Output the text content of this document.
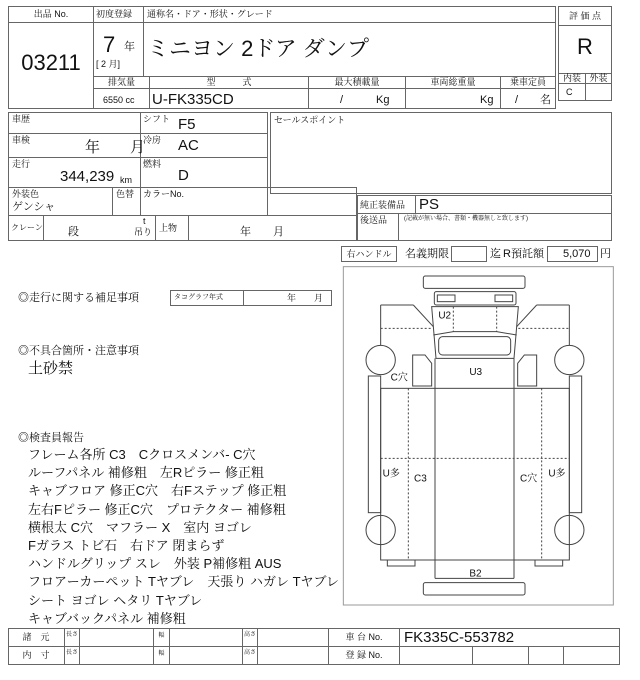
出品 No.
03211
初度登録
7 年
[ 2 月]
通称名・ドア・形状・グレード
ミニヨン 2ドア ダンプ
排気量	型　　　式	最大積載量	車両総重量	乗車定員
6550 cc U-FK335CD	/　　　Kg	Kg /　　名
評 価 点
R
内装 外装
C
車歴	シフト F5
車検	年　　月
冷房 AC
走行
344,239 km
燃料
D
外装色
ゲンシャ
色替 カラーNo.
クレーン 段
t
吊り 上物	年　　月
セールスポイント
純正装備品 PS
後送品	(記載が無い場合、書類・機器無しと致します)
右ハンドル	名義期限	迄 R預託額 5,070 円
◎走行に関する補足事項	タコグラフ年式	年　　月
◎不具合箇所・注意事項
土砂禁
◎検査員報告
フレーム各所 C3　Cクロスメンバ- C穴
ルーフパネル 補修粗　左Rピラー 修正粗
キャブフロア 修正C穴　右Fステップ 修正粗
左右Fピラー 修正C穴　プロテクター 補修粗
横根太 C穴　マフラー X　室内 ヨゴレ
Fガラス トビ石　右ドア 閉まらず
ハンドルグリップ スレ　外装 P補修粗 AUS
フロアーカーペット Tヤブレ　天張り ハガレ Tヤブレ
シート ヨゴレ ヘタリ Tヤブレ
キャブバックパネル 補修粗
U2
U3
C穴
U多 C3	C穴 U多
B2
諸　元
内　寸
長さ
長さ
幅
幅
高さ
高さ
車 台 No.	FK335C-553782
登 録 No.
